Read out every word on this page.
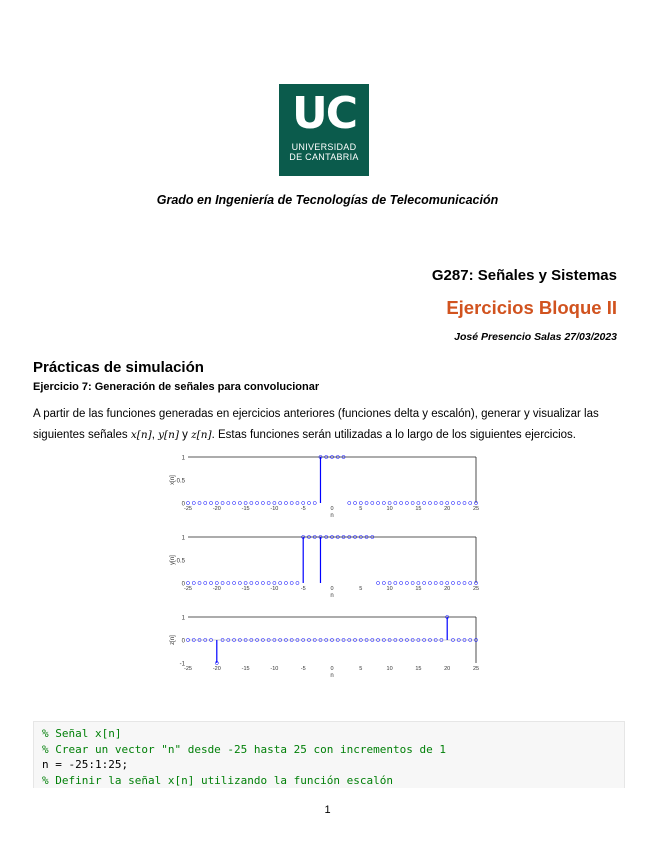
UC
UNIVERSIDAD
DE CANTABRIA
Grado en Ingeniería de Tecnologías de Telecomunicación
G287: Señales y Sistemas
Ejercicios Bloque II
José Presencio Salas 27/03/2023
Prácticas de simulación
Ejercicio 7: Generación de señales para convolucionar
A partir de las funciones generadas en ejercicios anteriores (funciones delta y escalón), generar y visualizar las siguientes señales x[n], y[n] y z[n]. Estas funciones serán utilizadas a lo largo de los siguientes ejercicios.
0
0.5
1
-25	-20	-15	-10	-5	0	5	10	15	20	25
x[n]
n
0
0.5
1
-25	-20	-15	-10	-5	0	5	10	15	20	25
y[n]
n
-1
0
1
-25	-20	-15	-10	-5	0	5	10	15	20	25
z[n]
n
% Señal x[n]
% Crear un vector "n" desde -25 hasta 25 con incrementos de 1
n = -25:1:25;
% Definir la señal x[n] utilizando la función escalón
1
